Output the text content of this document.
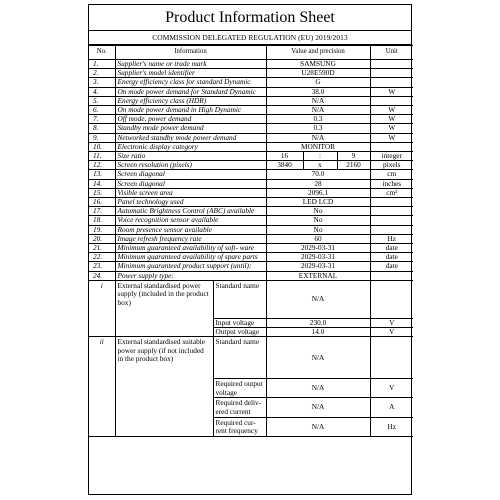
Product Information Sheet
COMMISSION DELEGATED REGULATION (EU) 2019/2013
No.	Information		Value and precision			Unit
1.	Supplier's name or trade mark		SAMSUNG			
2.	Supplier's model identifier		U28E590D			
3.	Energy efficiency class for standard Dynamic		G			
4.	On mode power demand for Standard Dynamic		38.0			W
5.	Energy efficiency class (HDR)		N/A			
6.	On mode power demand in High Dynamic		N/A			W
7.	Off mode, power demand		0.3			W
8.	Standby mode power demand		0.3			W
9.	Networked standby mode power demand		N/A			W
10.	Electronic display category		MONITOR			
11.	Size ratio		16	:	9	integer
12.	Screen resolution (pixels)		3840	x	2160	pixels
13.	Screen diagonal		70.0			cm
14.	Screen diagonal		28			inches
15.	Visible screen area		2096.1			cm²
16.	Panel technology used		LED LCD			
17.	Automatic Brightness Control (ABC) available		No			
18.	Voice recognition sensor available		No			
19.	Room presence sensor available		No			
20.	Image refresh frequency rate		60			Hz
21.	Minimum guaranteed availability of soft- ware		2029-03-31			date
22.	Minimum guaranteed availability of spare parts		2029-03-31			date
23.	Minimum guaranteed product support (until):		2029-03-31			date
24.	Power supply type:		EXTERNAL			
i	External standardised power supply (included in the product box)	Standard name	N/A			
		Input voltage	230.0			V
		Output voltage	14.0			V
ii	External standardised suitable power supply (if not included in the product box)	Standard name	N/A			
		Required output voltage	N/A			V
		Required deliv- ered current	N/A			A
		Required cur- rent frequency	N/A			Hz
